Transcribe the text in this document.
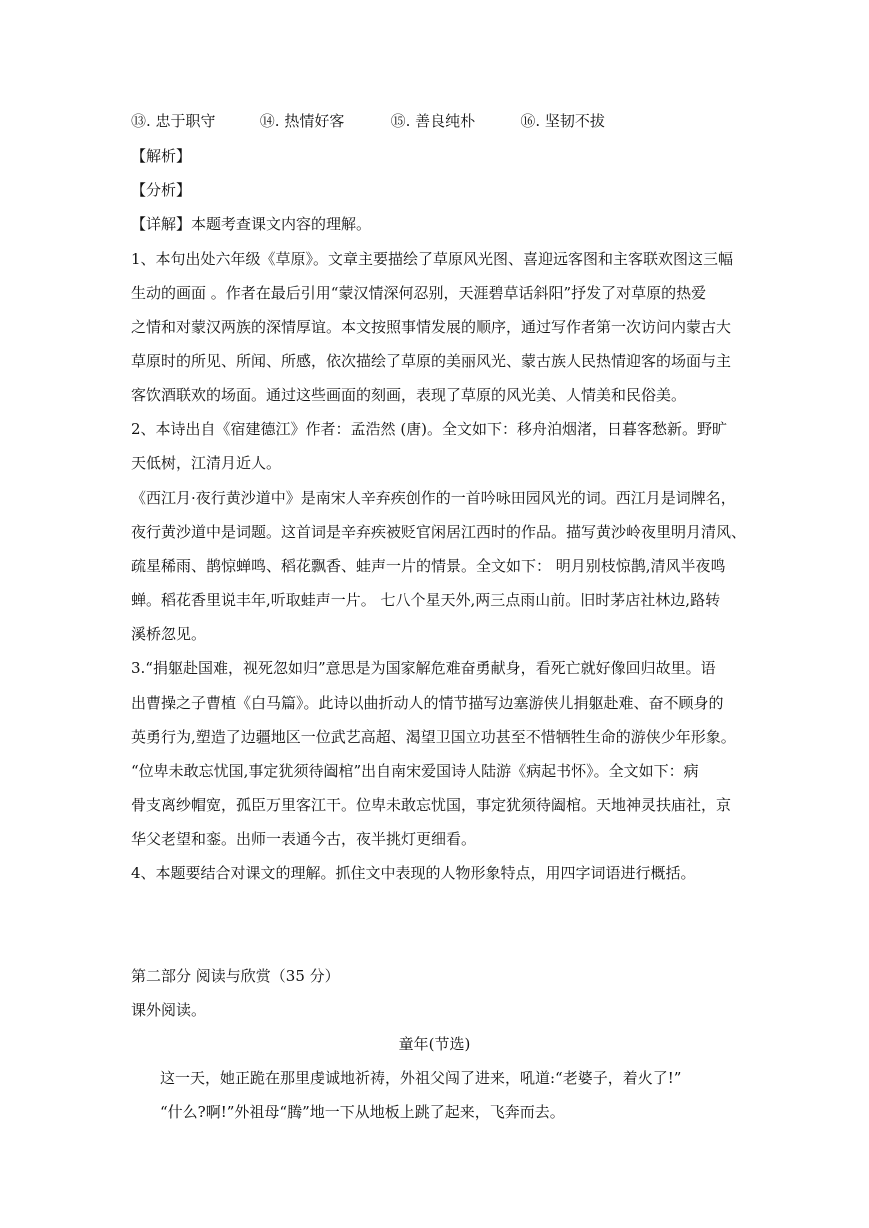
⑬. 忠于职守	⑭. 热情好客	⑮. 善良纯朴	⑯. 坚韧不拔
【解析】
【分析】
【详解】本题考查课文内容的理解。
1、本句出处六年级《草原》。文章主要描绘了草原风光图、喜迎远客图和主客联欢图这三幅
生动的画面 。作者在最后引用“蒙汉情深何忍别，天涯碧草话斜阳”抒发了对草原的热爱
之情和对蒙汉两族的深情厚谊。本文按照事情发展的顺序，通过写作者第一次访问内蒙古大
草原时的所见、所闻、所感，依次描绘了草原的美丽风光、蒙古族人民热情迎客的场面与主
客饮酒联欢的场面。通过这些画面的刻画，表现了草原的风光美、人情美和民俗美。
2、本诗出自《宿建德江》作者：孟浩然 (唐)。全文如下：移舟泊烟渚，日暮客愁新。野旷
天低树，江清月近人。
《西江月·夜行黄沙道中》是南宋人辛弃疾创作的一首吟咏田园风光的词。西江月是词牌名，
夜行黄沙道中是词题。这首词是辛弃疾被贬官闲居江西时的作品。描写黄沙岭夜里明月清风、
疏星稀雨、鹊惊蝉鸣、稻花飘香、蛙声一片的情景。全文如下： 明月别枝惊鹊,清风半夜鸣
蝉。稻花香里说丰年,听取蛙声一片。 七八个星天外,两三点雨山前。旧时茅店社林边,路转
溪桥忽见。
3.“捐躯赴国难，视死忽如归”意思是为国家解危难奋勇献身，看死亡就好像回归故里。语
出曹操之子曹植《白马篇》。此诗以曲折动人的情节描写边塞游侠儿捐躯赴难、奋不顾身的
英勇行为,塑造了边疆地区一位武艺高超、渴望卫国立功甚至不惜牺牲生命的游侠少年形象。
“位卑未敢忘忧国,事定犹须待阖棺”出自南宋爱国诗人陆游《病起书怀》。全文如下：病
骨支离纱帽宽，孤臣万里客江干。位卑未敢忘忧国，事定犹须待阖棺。天地神灵扶庙社，京
华父老望和銮。出师一表通今古，夜半挑灯更细看。
4、本题要结合对课文的理解。抓住文中表现的人物形象特点，用四字词语进行概括。
第二部分 阅读与欣赏（35 分）
课外阅读。
童年(节选)
这一天，她正跪在那里虔诚地祈祷，外祖父闯了进来，吼道:“老婆子，着火了!”
“什么?啊!”外祖母“腾”地一下从地板上跳了起来，飞奔而去。
